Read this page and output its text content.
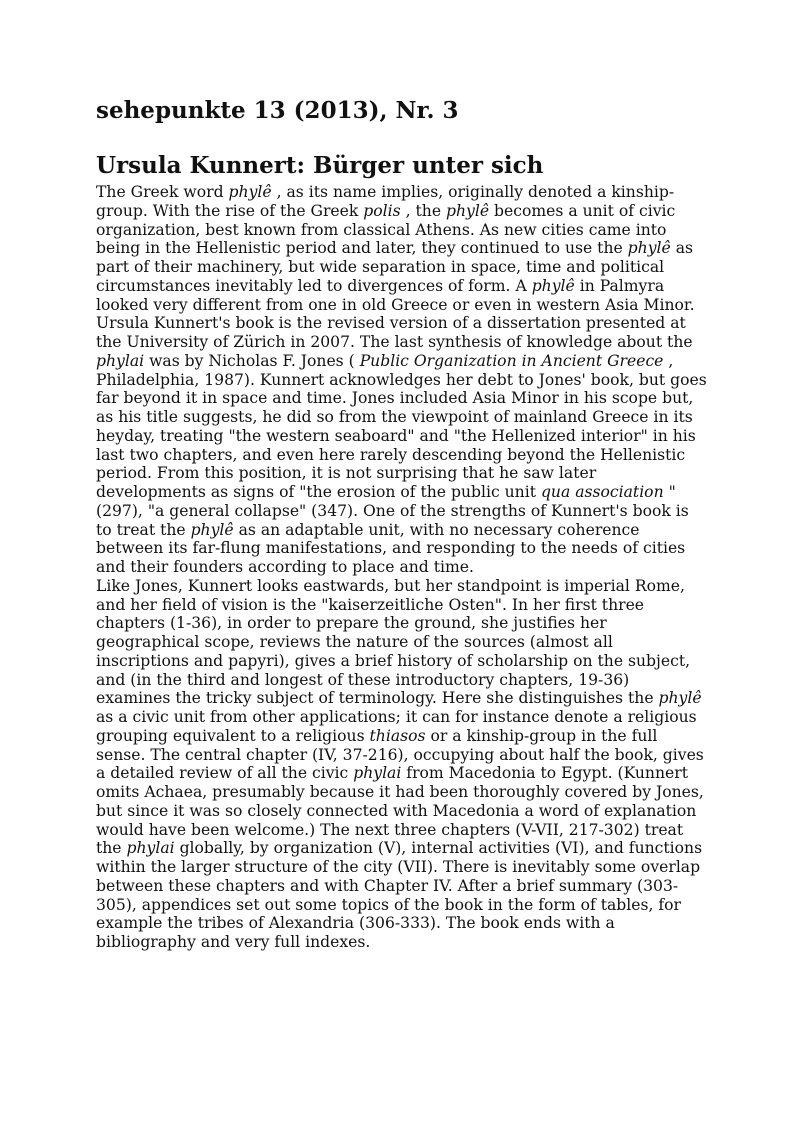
sehepunkte 13 (2013), Nr. 3
Ursula Kunnert: Bürger unter sich

The Greek word phylê , as its name implies, originally denoted a kinship-group. With the rise of the Greek polis , the phylê becomes a unit of civic organization, best known from classical Athens. As new cities came into being in the Hellenistic period and later, they continued to use the phylê as part of their machinery, but wide separation in space, time and political circumstances inevitably led to divergences of form. A phylê in Palmyra looked very different from one in old Greece or even in western Asia Minor.

Ursula Kunnert's book is the revised version of a dissertation presented at the University of Zürich in 2007. The last synthesis of knowledge about the phylai was by Nicholas F. Jones ( Public Organization in Ancient Greece , Philadelphia, 1987). Kunnert acknowledges her debt to Jones' book, but goes far beyond it in space and time. Jones included Asia Minor in his scope but, as his title suggests, he did so from the viewpoint of mainland Greece in its heyday, treating "the western seaboard" and "the Hellenized interior" in his last two chapters, and even here rarely descending beyond the Hellenistic period. From this position, it is not surprising that he saw later developments as signs of "the erosion of the public unit qua association " (297), "a general collapse" (347). One of the strengths of Kunnert's book is to treat the phylê as an adaptable unit, with no necessary coherence between its far-flung manifestations, and responding to the needs of cities and their founders according to place and time.

Like Jones, Kunnert looks eastwards, but her standpoint is imperial Rome, and her field of vision is the "kaiserzeitliche Osten". In her first three chapters (1-36), in order to prepare the ground, she justifies her geographical scope, reviews the nature of the sources (almost all inscriptions and papyri), gives a brief history of scholarship on the subject, and (in the third and longest of these introductory chapters, 19-36) examines the tricky subject of terminology. Here she distinguishes the phylê as a civic unit from other applications; it can for instance denote a religious grouping equivalent to a religious thiasos or a kinship-group in the full sense. The central chapter (IV, 37-216), occupying about half the book, gives a detailed review of all the civic phylai from Macedonia to Egypt. (Kunnert omits Achaea, presumably because it had been thoroughly covered by Jones, but since it was so closely connected with Macedonia a word of explanation would have been welcome.) The next three chapters (V-VII, 217-302) treat the phylai globally, by organization (V), internal activities (VI), and functions within the larger structure of the city (VII). There is inevitably some overlap between these chapters and with Chapter IV. After a brief summary (303-305), appendices set out some topics of the book in the form of tables, for example the tribes of Alexandria (306-333). The book ends with a bibliography and very full indexes.
